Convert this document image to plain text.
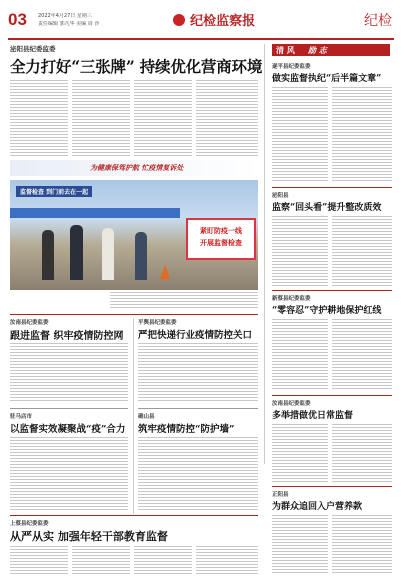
03 2022年4月27日 星期三
责任编辑 郭凡华 美编 周 沙	纪检监察报	纪检
泌阳县纪委监委
全力打好“三张牌” 持续优化营商环境
为健康保驾护航 忙疫情复诉处
监督检查 到门前去在一起
紧盯防疫一线
开展监督检查
清 风 励 志
遂平县纪委监委
做实监督执纪“后半篇文章”
泌阳县
监察“回头看”提升整改质效
新蔡县纪委监委
“零容忍”守护耕地保护红线
汝南县纪委监委
多举措做优日常监督
正阳县
为群众追回入户营养款
汝南县纪委监委
跟进监督 织牢疫情防控网
平舆县纪委监委
严把快递行业疫情防控关口
驻马店市
以监督实效凝聚战“疫”合力
确山县
筑牢疫情防控“防护墙”
上蔡县纪委监委
从严从实 加强年轻干部教育监督
